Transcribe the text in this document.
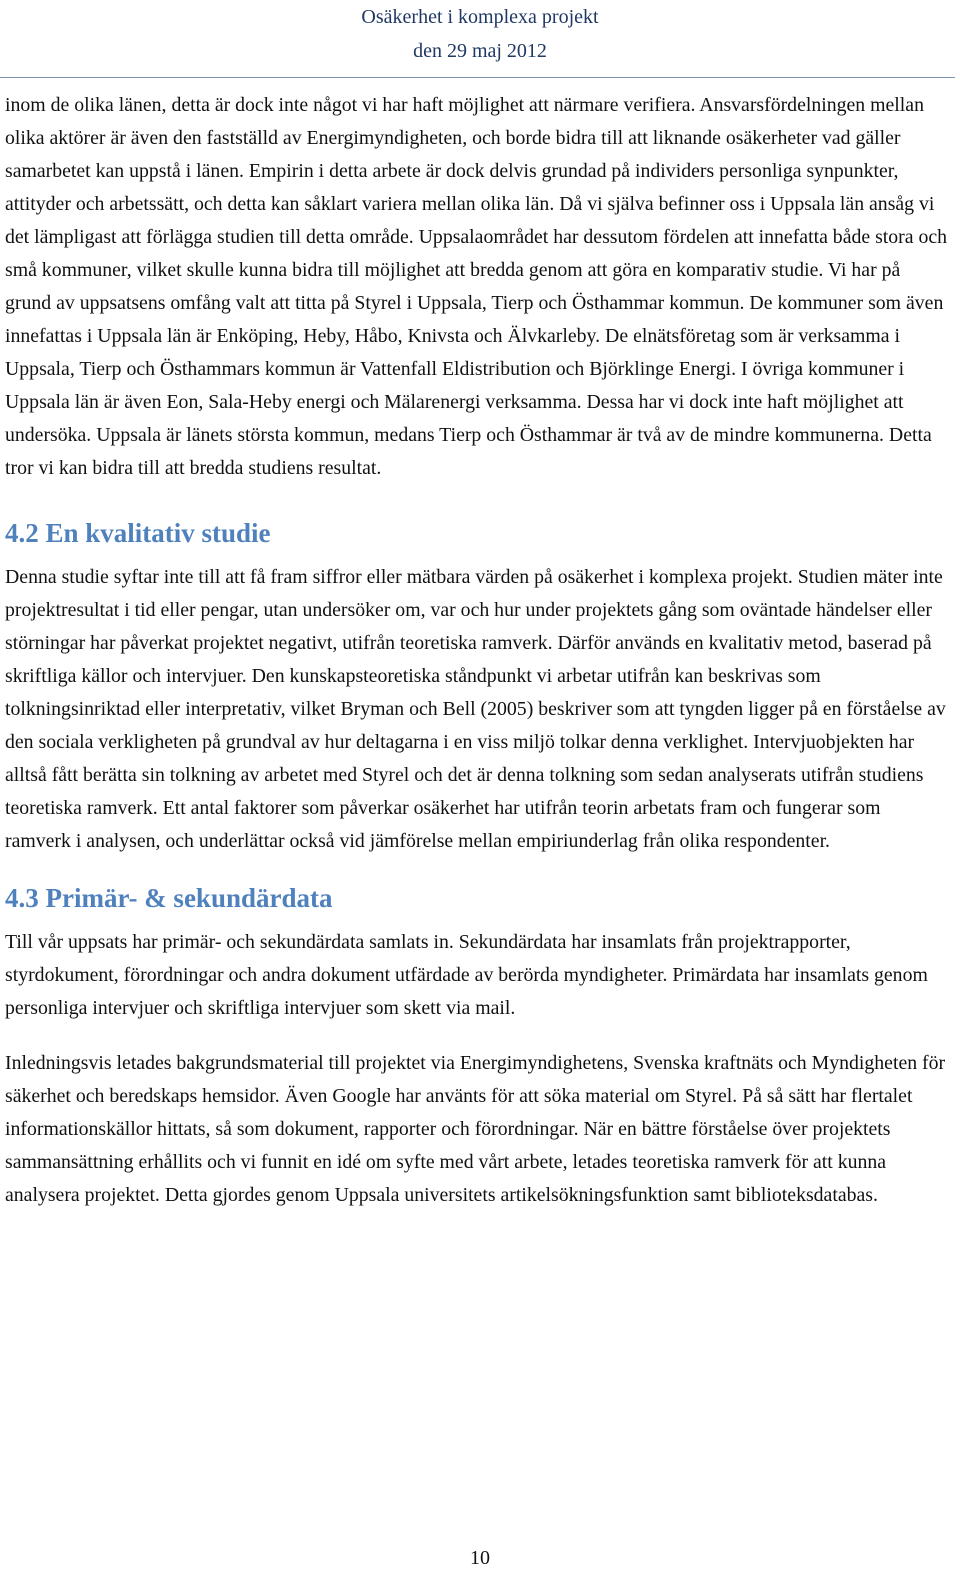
Osäkerhet i komplexa projekt
den 29 maj 2012

inom de olika länen, detta är dock inte något vi har haft möjlighet att närmare verifiera. Ansvarsfördelningen mellan olika aktörer är även den fastställd av Energimyndigheten, och borde bidra till att liknande osäkerheter vad gäller samarbetet kan uppstå i länen. Empirin i detta arbete är dock delvis grundad på individers personliga synpunkter, attityder och arbetssätt, och detta kan såklart variera mellan olika län. Då vi själva befinner oss i Uppsala län ansåg vi det lämpligast att förlägga studien till detta område. Uppsalaområdet har dessutom fördelen att innefatta både stora och små kommuner, vilket skulle kunna bidra till möjlighet att bredda genom att göra en komparativ studie. Vi har på grund av uppsatsens omfång valt att titta på Styrel i Uppsala, Tierp och Östhammar kommun. De kommuner som även innefattas i Uppsala län är Enköping, Heby, Håbo, Knivsta och Älvkarleby. De elnätsföretag som är verksamma i Uppsala, Tierp och Östhammars kommun är Vattenfall Eldistribution och Björklinge Energi. I övriga kommuner i Uppsala län är även Eon, Sala-Heby energi och Mälarenergi verksamma. Dessa har vi dock inte haft möjlighet att undersöka. Uppsala är länets största kommun, medans Tierp och Östhammar är två av de mindre kommunerna. Detta tror vi kan bidra till att bredda studiens resultat.

4.2 En kvalitativ studie

Denna studie syftar inte till att få fram siffror eller mätbara värden på osäkerhet i komplexa projekt. Studien mäter inte projektresultat i tid eller pengar, utan undersöker om, var och hur under projektets gång som oväntade händelser eller störningar har påverkat projektet negativt, utifrån teoretiska ramverk. Därför används en kvalitativ metod, baserad på skriftliga källor och intervjuer. Den kunskapsteoretiska ståndpunkt vi arbetar utifrån kan beskrivas som tolkningsinriktad eller interpretativ, vilket Bryman och Bell (2005) beskriver som att tyngden ligger på en förståelse av den sociala verkligheten på grundval av hur deltagarna i en viss miljö tolkar denna verklighet. Intervjuobjekten har alltså fått berätta sin tolkning av arbetet med Styrel och det är denna tolkning som sedan analyserats utifrån studiens teoretiska ramverk. Ett antal faktorer som påverkar osäkerhet har utifrån teorin arbetats fram och fungerar som ramverk i analysen, och underlättar också vid jämförelse mellan empiriunderlag från olika respondenter.

4.3 Primär- & sekundärdata

Till vår uppsats har primär- och sekundärdata samlats in. Sekundärdata har insamlats från projektrapporter, styrdokument, förordningar och andra dokument utfärdade av berörda myndigheter. Primärdata har insamlats genom personliga intervjuer och skriftliga intervjuer som skett via mail.

Inledningsvis letades bakgrundsmaterial till projektet via Energimyndighetens, Svenska kraftnäts och Myndigheten för säkerhet och beredskaps hemsidor. Även Google har använts för att söka material om Styrel. På så sätt har flertalet informationskällor hittats, så som dokument, rapporter och förordningar. När en bättre förståelse över projektets sammansättning erhållits och vi funnit en idé om syfte med vårt arbete, letades teoretiska ramverk för att kunna analysera projektet. Detta gjordes genom Uppsala universitets artikelsökningsfunktion samt biblioteksdatabas.

10
